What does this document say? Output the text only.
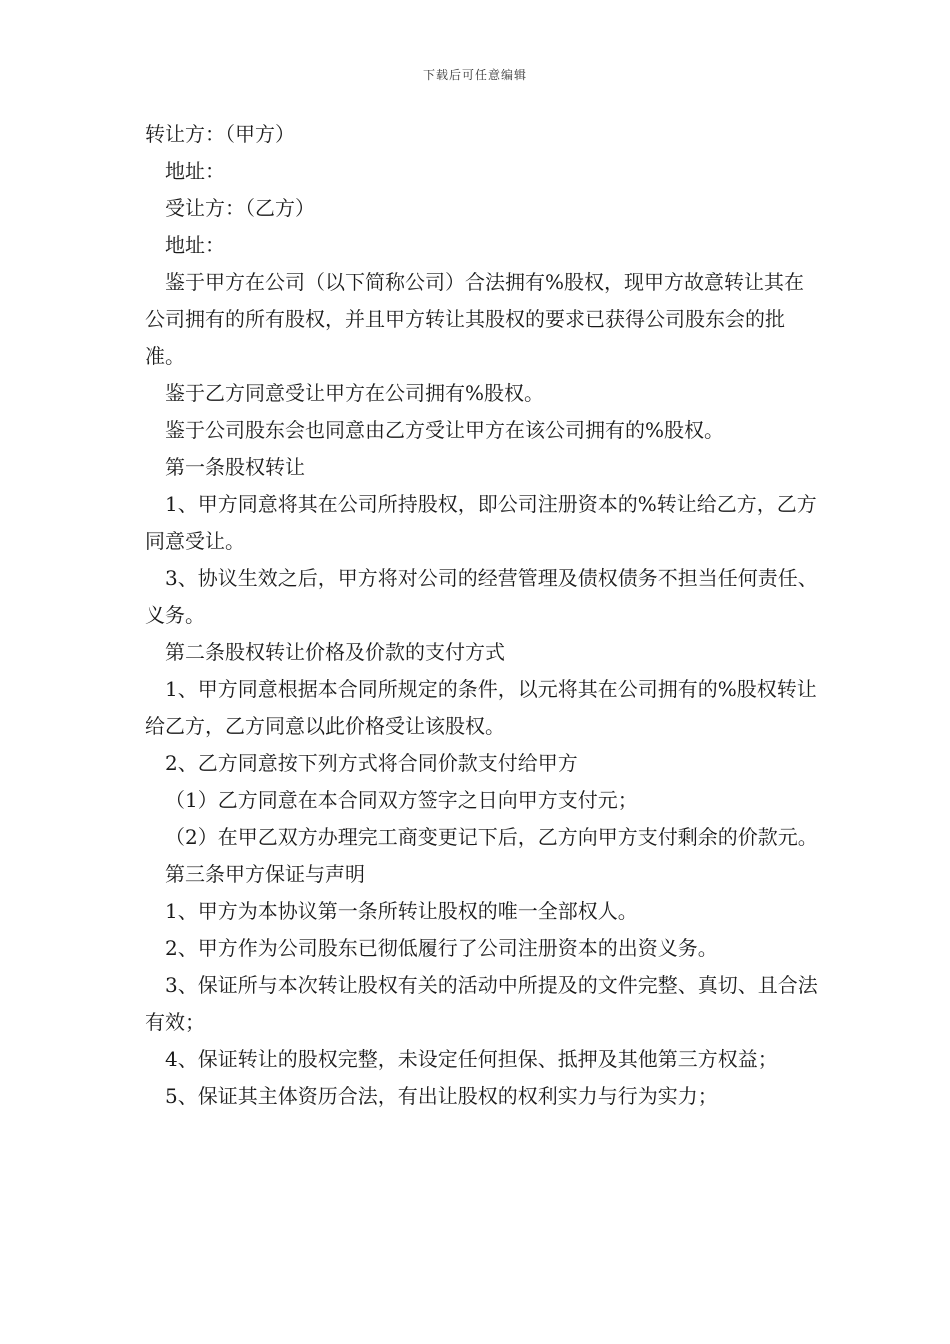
下载后可任意编辑

转让方：（甲方）

地址：

受让方：（乙方）

地址：

鉴于甲方在公司（以下简称公司）合法拥有%股权，现甲方故意转让其在公司拥有的所有股权，并且甲方转让其股权的要求已获得公司股东会的批准。

鉴于乙方同意受让甲方在公司拥有%股权。

鉴于公司股东会也同意由乙方受让甲方在该公司拥有的%股权。

第一条股权转让

1、甲方同意将其在公司所持股权，即公司注册资本的%转让给乙方，乙方同意受让。

3、协议生效之后，甲方将对公司的经营管理及债权债务不担当任何责任、义务。

第二条股权转让价格及价款的支付方式

1、甲方同意根据本合同所规定的条件，以元将其在公司拥有的%股权转让给乙方，乙方同意以此价格受让该股权。

2、乙方同意按下列方式将合同价款支付给甲方

（1）乙方同意在本合同双方签字之日向甲方支付元；

（2）在甲乙双方办理完工商变更记下后，乙方向甲方支付剩余的价款元。

第三条甲方保证与声明

1、甲方为本协议第一条所转让股权的唯一全部权人。

2、甲方作为公司股东已彻低履行了公司注册资本的出资义务。

3、保证所与本次转让股权有关的活动中所提及的文件完整、真切、且合法有效；

4、保证转让的股权完整，未设定任何担保、抵押及其他第三方权益；

5、保证其主体资历合法，有出让股权的权利实力与行为实力；
